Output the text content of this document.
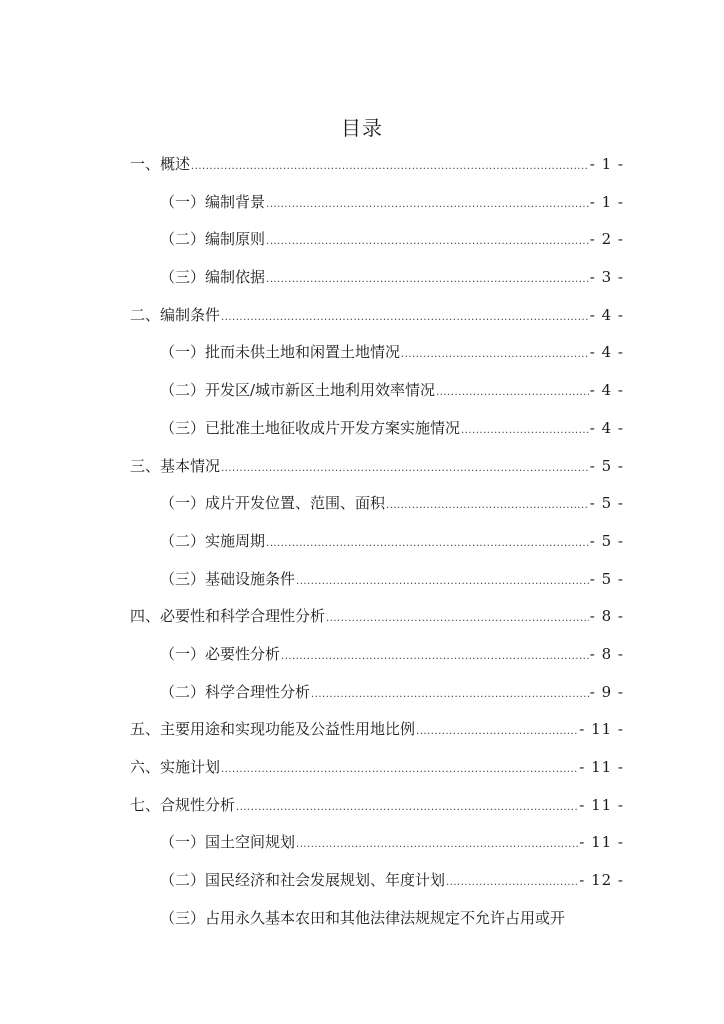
目录
一、概述 .....	- 1 -
（一）编制背景 .....	- 1 -
（二）编制原则 .....	- 2 -
（三）编制依据 .....	- 3 -
二、编制条件 .....	- 4 -
（一）批而未供土地和闲置土地情况 .....	- 4 -
（二）开发区/城市新区土地利用效率情况 .....	- 4 -
（三）已批准土地征收成片开发方案实施情况 .....	- 4 -
三、基本情况 .....	- 5 -
（一）成片开发位置、范围、面积 .....	- 5 -
（二）实施周期 .....	- 5 -
（三）基础设施条件 .....	- 5 -
四、必要性和科学合理性分析 .....	- 8 -
（一）必要性分析 .....	- 8 -
（二）科学合理性分析 .....	- 9 -
五、主要用途和实现功能及公益性用地比例 .....	- 11 -
六、实施计划 .....	- 11 -
七、合规性分析 .....	- 11 -
（一）国土空间规划 .....	- 11 -
（二）国民经济和社会发展规划、年度计划 .....	- 12 -
（三）占用永久基本农田和其他法律法规规定不允许占用或开
